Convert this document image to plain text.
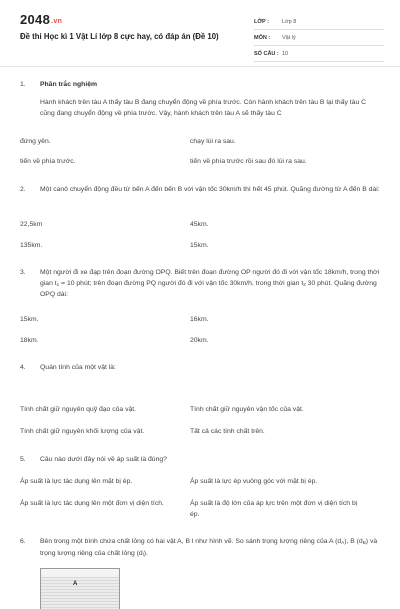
2048.vn
Đề thi Học kì 1 Vật Lí lớp 8 cực hay, có đáp án (Đề 10)
LỚP :	Lớp 8
MÔN :	Vật lý
SỐ CÂU : 10
1. Phần trắc nghiệm
Hành khách trên tàu A thấy tàu B đang chuyển động về phía trước. Còn hành khách trên tàu B lại thấy tàu C cũng đang chuyển động về phía trước. Vậy, hành khách trên tàu A sẽ thấy tàu C
đứng yên.	chạy lùi ra sau.
tiến về phía trước.	tiến về phía trước rồi sau đó lùi ra sau.
2. Một canô chuyển động đều từ bến A đến bến B với vận tốc 30km/h thì hết 45 phút. Quãng đường từ A đến B dài:
22,5km	45km.
135km.	15km.
3. Một người đi xe đạp trên đoạn đường OPQ. Biết trên đoạn đường OP người đó đi với vận tốc 18km/h, trong thời gian $t_1 = 10$ phút; trên đoạn đường PQ người đó đi với vận tốc 30km/h, trong thời gian $t_2$ 30 phút. Quãng đường OPQ dài:
15km.	16km.
18km.	20km.
4. Quán tính của một vật là:
Tính chất giữ nguyên quỹ đạo của vật.	Tính chất giữ nguyên vận tốc của vật.
Tính chất giữ nguyên khối lượng của vật.	Tất cả các tính chất trên.
5. Câu nào dưới đây nói về áp suất là đúng?
Áp suất là lực tác dụng lên mặt bị ép.	Áp suất là lực ép vuông góc với mặt bị ép.
Áp suất là lực tác dụng lên một đơn vị diện tích.	Áp suất là độ lớn của áp lực trên một đơn vị diện tích bị ép.
6. Bên trong một bình chứa chất lỏng có hai vật A, B l như hình vẽ. So sánh trọng lượng riêng của A $(d_A)$, B $(d_B)$ và trọng lượng riêng của chất lỏng $(d_l)$.
A
